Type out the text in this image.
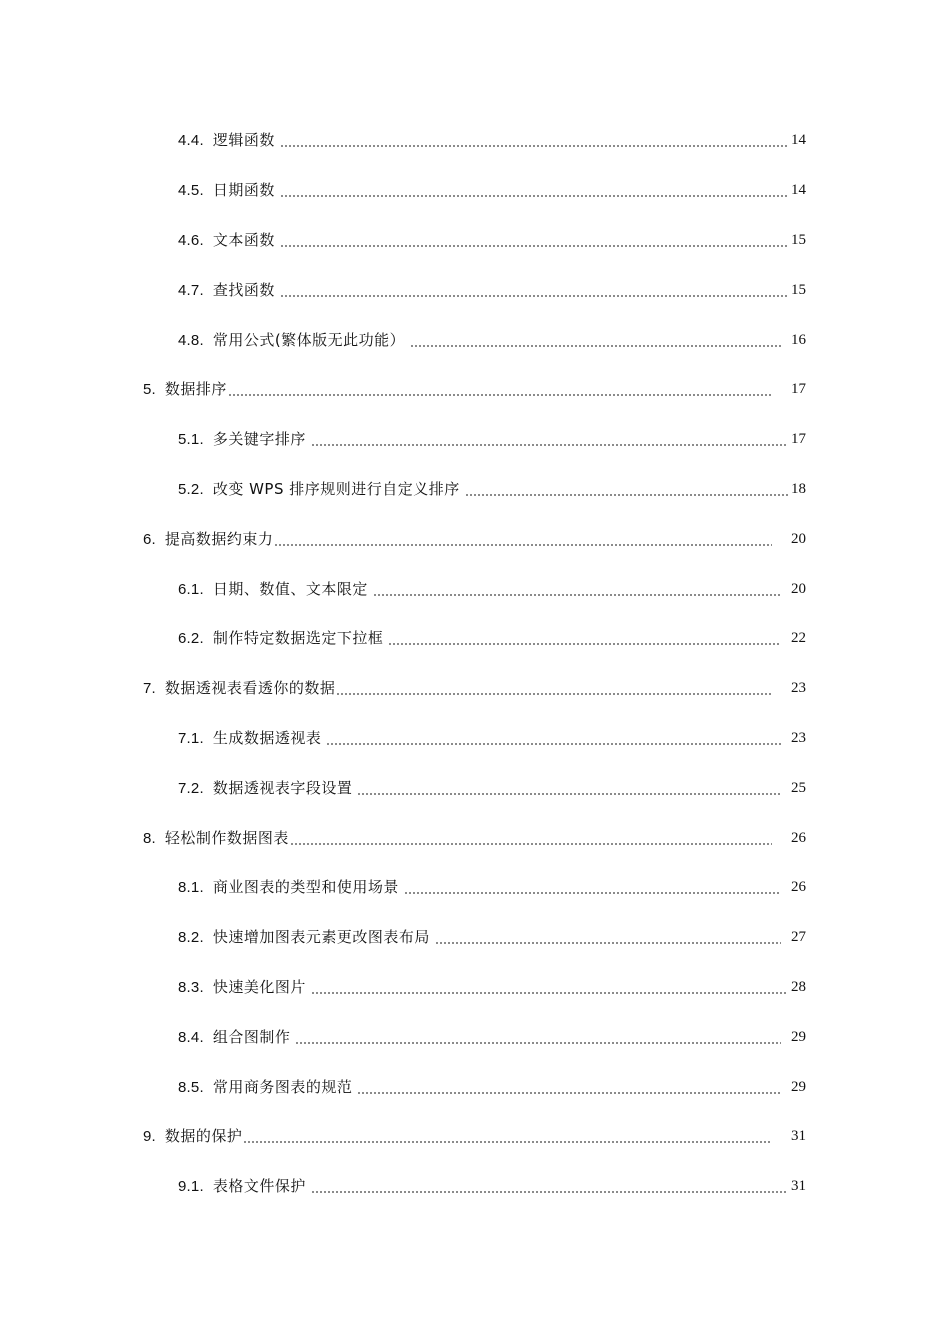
4.4. 逻辑函数	14
4.5. 日期函数	14
4.6. 文本函数	15
4.7. 查找函数	15
4.8. 常用公式(繁体版无此功能）	16
5. 数据排序	17
5.1. 多关键字排序	17
5.2. 改变 WPS 排序规则进行自定义排序	18
6. 提高数据约束力	20
6.1. 日期、数值、文本限定	20
6.2. 制作特定数据选定下拉框	22
7. 数据透视表看透你的数据	23
7.1. 生成数据透视表	23
7.2. 数据透视表字段设置	25
8. 轻松制作数据图表	26
8.1. 商业图表的类型和使用场景	26
8.2. 快速增加图表元素更改图表布局	27
8.3. 快速美化图片	28
8.4. 组合图制作	29
8.5. 常用商务图表的规范	29
9. 数据的保护	31
9.1. 表格文件保护	31
